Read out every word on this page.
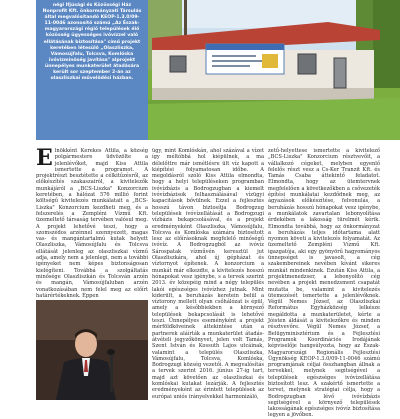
négi Ifjúsági és Közösségi Ház Nonprofit Kft. önkormányzati Társulás által megvalósítandó KEOP-1.3.0/09-11-0046 azonosító számú „Az Észak-magyarországi régió települések élő közösség ügyességes ivóvízzel való ellátásának biztosítása" című projekt keretében létesülő „Olaszliszka, Vámosújfalu, Tolcsva, Komlóska ivóvízminőség javítása" alprojekt ünnepélyes munkaterület átadására került sor szeptember 2-án az olaszliszkai művelődési házban.

E lnökként Kerekes Attila, a község polgármestere üdvözölte a jelenlévőket, majd Kiss Attila ismertette a programot. A projektrészt besztétette a célkitűzésről, az előkészítés szakaszairól, a kivitelezők munkájáról a „BCS-Liszka" Konzorcium keretében, a hálózat 576 millió forint költségű kivitelezés munkálatait a „BCS-Liszka" Konzorcium kezdheti meg, és a felszerelés a Zempléni Vízmű Kft. üzemeltető társaság tervében valósul meg. A projekt lehetővé teszi, hogy a szomszédos arzénnel szennyezett, magas vas- és mangántartalmú kutak helyett Olaszliszka, Vámosújfalu és Tolcsva ellátását jelenleg az olaszliszkai vízmű adja, amely nem a jelenlegi, nem a további igényeket nem képes biztonságosan kielégíteni. Továbbá a szolgáltatás minősége Olaszliszkán és Tolcsván arzén és mangán, Vámosújfaluban arzén vonatkozásában nem felel meg az előírt határértékeknek. Éppen

ügy, mint Komlóskán, ahol százával a vízet így méltóbbá hol kiépülnek, a ma délelőttre már ismétlésre ült víz kapott a kiépítési folyamatosan időbe. A megoldásról szóló Kiss Attila elmondta, hogy a helyi településeken programban ivóvízbázis a Bodrogzugban a kiemelt ivóvízbázisok felhasználásával vízügyi kapacitások bővülnek. Ezzel a fejlesztés hosszú távon biztosítja Bodrogzug települések ivóvízellátását a Bodrogzugi vízbázis bekapcsolásával, és a projekt eredményeként Olaszliszka, Vámosújfalu, Tolcsva és Komlóska számára biztosított lesz az előírásoknak megfelelő minőségű ivóvíz. A Bodrogzugból az ivóvíz Sárospatak vízművén keresztül jut Olaszliszkára, ahol új gépházat és víztornyot építenek. A konzorcium a munkát már elkezdte, a kivitelezés hosszú hónapokat vesz igénybe, s a tervek szerint 2013. év közepéig mind a négy település lakói egészséges ivóvízhez jutnak. Mint kiderült, a beruházás keretein belül a víztorony mellett olyan csőhálózat is épül, amely a későbbiekben a környező települések bekapcsolását is lehetővé teszi. Ünnepélyes eseményként a projekt mérföldköveinek áttekintése után a partnerek aláírták a munkaterület átadás-átvételi jegyzőkönyvet, jelen volt Tamás, Szent István és Kossuth Lajos utcáinak, valamint a település Olaszliszka, Vámosújfalu, Tolcsva, Komlóska, Bodrogzugi község vezetői. A megvalósítás a tervek szerint 2016. június 27-ig tart, majd azt követően az olaszliszkai és komlóskai kutakat lezárják. A fejlesztés eredményeként az érintett települések az európai uniós irányelvekkel harmonizáló,

zetű-helyettese ismertette a kivitelező „BCS-Liszka" Konzorcium résztvevőit, a vállalkozó cégeket, melyben egyenlő felelős részt vesz a Cs-Ker Tranzit Kft. és Tamás Csaba áttekintő feladatot. Elmondta, hogy az ütemtervnek megfelelően a következőkben a csővezeték építési munkálatai kezdődnek meg, az ágyazások előkészítése, felvonulás, a beruházás hosszú hónapokat vesz igénybe, a munkálatok zavartalan lebonyolítása érdekében a lakosság türelmét kérik. Elmondta továbbá, hogy az önkormányzat a beruházás teljes időtartama alatt nyomon követi a kivitelezés folyamatát. Az üzemeltető Zempléni Vízmű Kft. igazgatója, aki egy gyönyörű hagyományos ünnepséget is javasolt, a cég szakembereinek nevében kívánt sikeres munkát mindenkinek. Ezután Kiss Attila, a projektmenedzser, a lebonyolító cég nevében a projekt menedzsment csapatát mutatta be, valamint a kivitelezés ütemezését ismertette a jelenlévőknek. Végül Nemes József, az Olaszliszkai Református Egyházközség lelkésze megáldotta a munkaterületet, kérte a Jóisten áldását a kivitelezőkre és minden résztvevőre. Végül Nemes József, a Belügyminisztérium és a Fejlesztési Programok Koordinációs Irodájának képviselője hangsúlyozta, hogy az Észak-Magyarországi Regionális Fejlesztési Ügynökség KEOP-1.3.0/09-11-0046 számú programjának céljai összhangban állnak a tervekkel, melynek segítségével a települések egészséges ivóvízellátása biztosított lesz. A szakértő ismertette a tervet, melynek stratégiai célja, hogy a Bodrogzugban lévő ivóvízbázis segítségével a környező települések lakosságának egészséges ivóvíz biztosítása legyen a jövőben.
